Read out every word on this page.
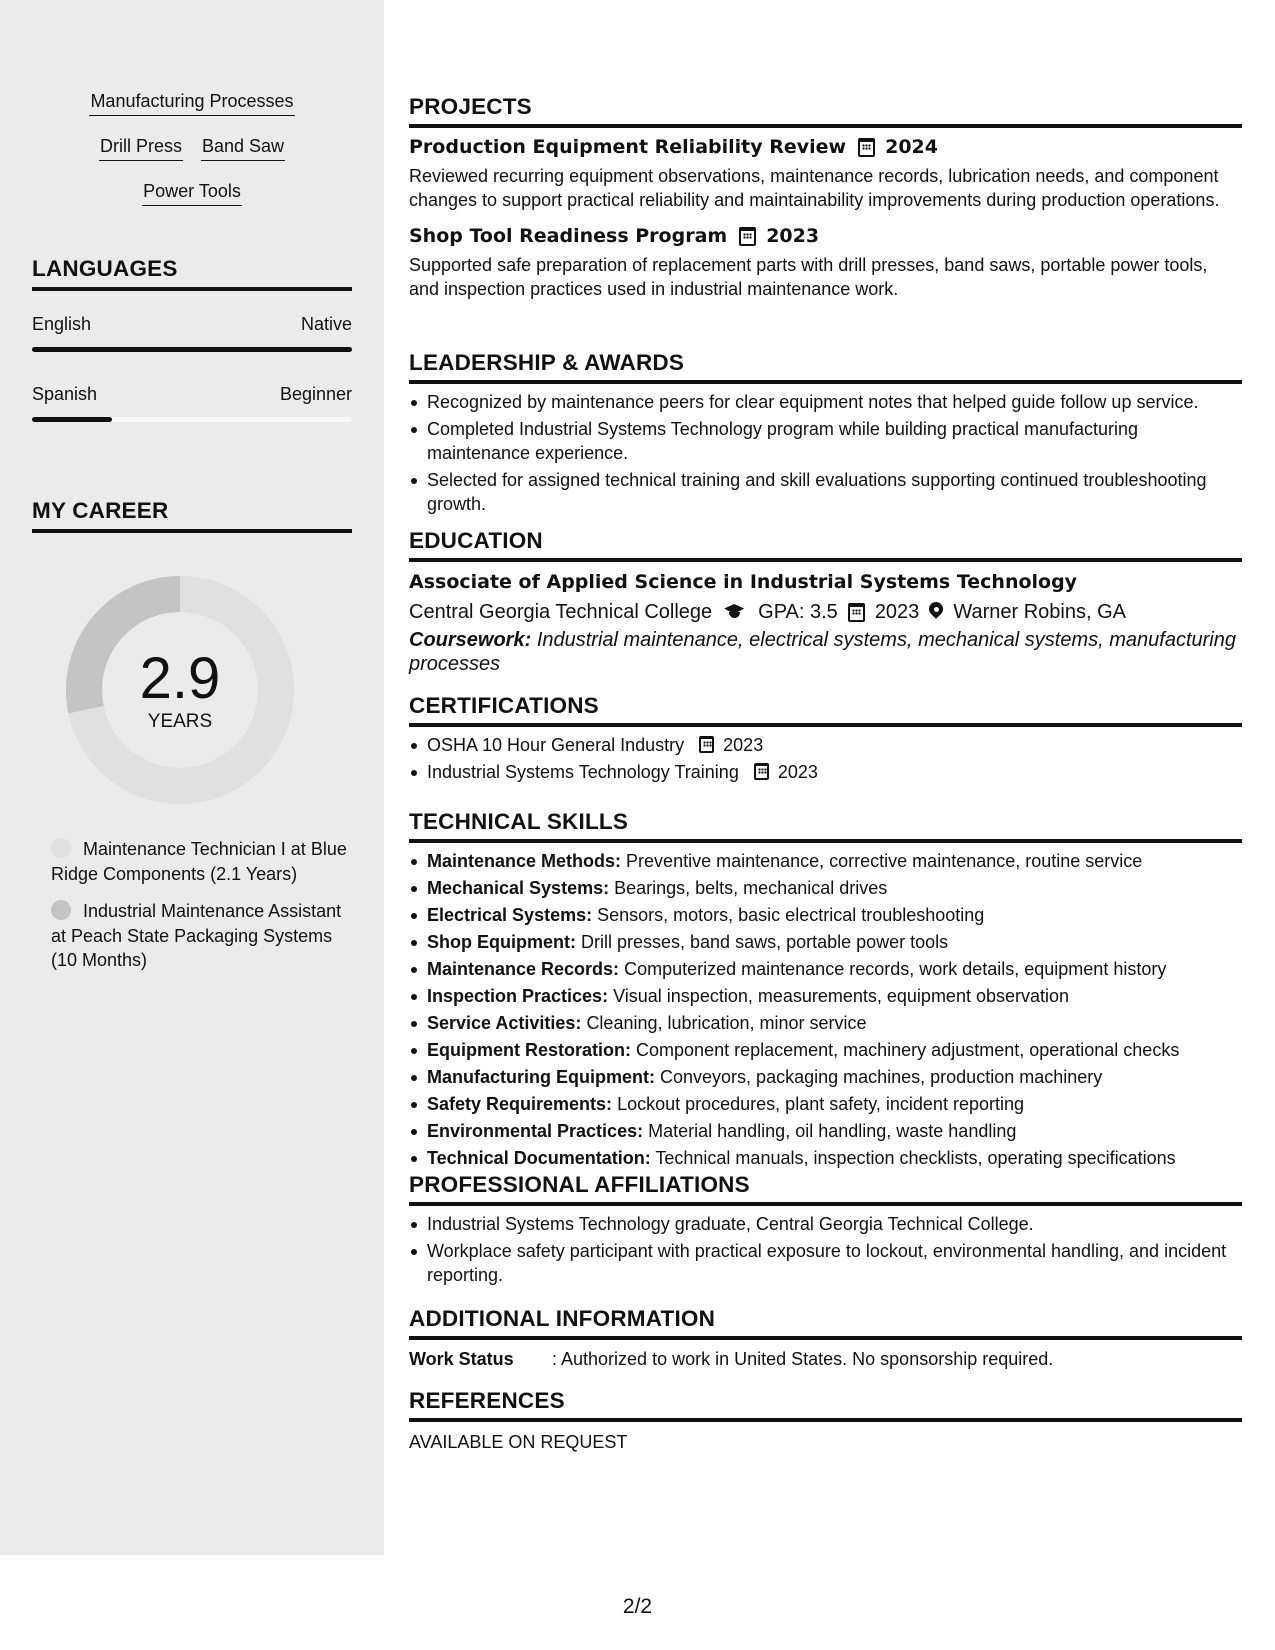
Manufacturing Processes
Drill Press Band Saw
Power Tools
LANGUAGES
English	Native
Spanish	Beginner
MY CAREER
2.9
YEARS
Maintenance Technician I at Blue Ridge Components (2.1 Years)
Industrial Maintenance Assistant at Peach State Packaging Systems (10 Months)
PROJECTS
Production Equipment Reliability Review 2024
Reviewed recurring equipment observations, maintenance records, lubrication needs, and component changes to support practical reliability and maintainability improvements during production operations.
Shop Tool Readiness Program 2023
Supported safe preparation of replacement parts with drill presses, band saws, portable power tools, and inspection practices used in industrial maintenance work.
LEADERSHIP & AWARDS
Recognized by maintenance peers for clear equipment notes that helped guide follow up service.
Completed Industrial Systems Technology program while building practical manufacturing maintenance experience.
Selected for assigned technical training and skill evaluations supporting continued troubleshooting growth.
EDUCATION
Associate of Applied Science in Industrial Systems Technology
Central Georgia Technical College GPA: 3.5 2023 Warner Robins, GA
Coursework: Industrial maintenance, electrical systems, mechanical systems, manufacturing processes
CERTIFICATIONS
OSHA 10 Hour General Industry 2023
Industrial Systems Technology Training 2023
TECHNICAL SKILLS
Maintenance Methods: Preventive maintenance, corrective maintenance, routine service
Mechanical Systems: Bearings, belts, mechanical drives
Electrical Systems: Sensors, motors, basic electrical troubleshooting
Shop Equipment: Drill presses, band saws, portable power tools
Maintenance Records: Computerized maintenance records, work details, equipment history
Inspection Practices: Visual inspection, measurements, equipment observation
Service Activities: Cleaning, lubrication, minor service
Equipment Restoration: Component replacement, machinery adjustment, operational checks
Manufacturing Equipment: Conveyors, packaging machines, production machinery
Safety Requirements: Lockout procedures, plant safety, incident reporting
Environmental Practices: Material handling, oil handling, waste handling
Technical Documentation: Technical manuals, inspection checklists, operating specifications
PROFESSIONAL AFFILIATIONS
Industrial Systems Technology graduate, Central Georgia Technical College.
Workplace safety participant with practical exposure to lockout, environmental handling, and incident reporting.
ADDITIONAL INFORMATION
Work Status	: Authorized to work in United States. No sponsorship required.
REFERENCES
AVAILABLE ON REQUEST
2/2
